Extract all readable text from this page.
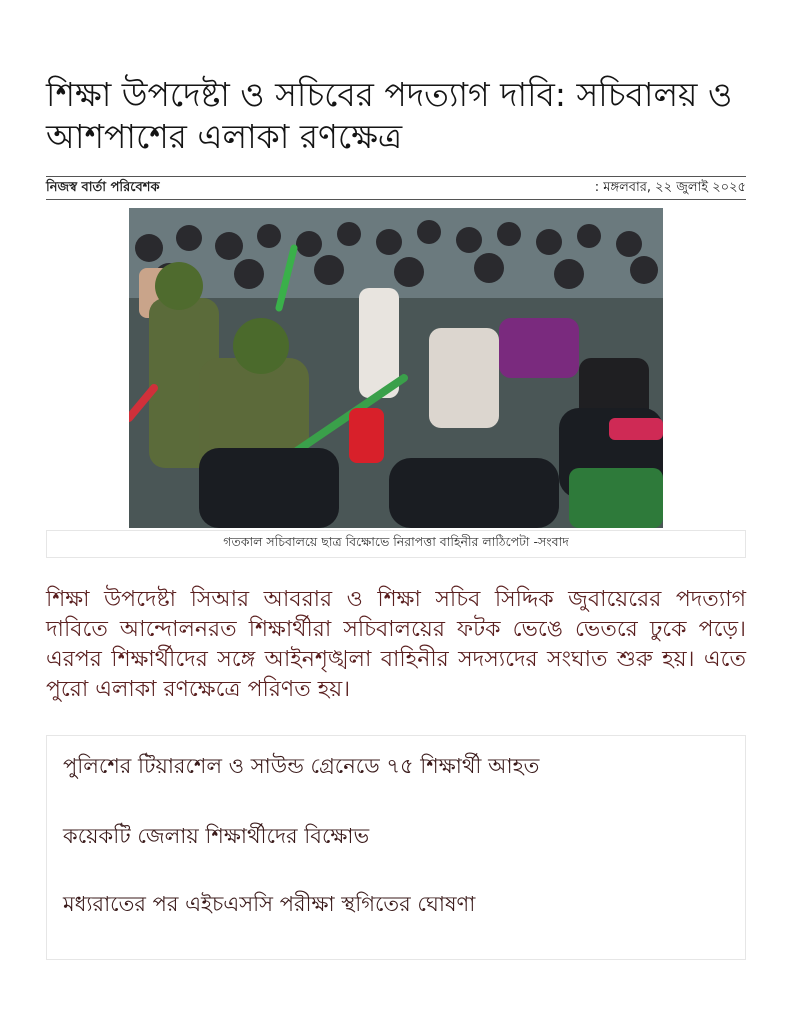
শিক্ষা উপদেষ্টা ও সচিবের পদত্যাগ দাবি: সচিবালয় ও আশপাশের এলাকা রণক্ষেত্র
নিজস্ব বার্তা পরিবেশক	: মঙ্গলবার, ২২ জুলাই ২০২৫
গতকাল সচিবালয়ে ছাত্র বিক্ষোভে নিরাপত্তা বাহিনীর লাঠিপেটা -সংবাদ

শিক্ষা উপদেষ্টা সিআর আবরার ও শিক্ষা সচিব সিদ্দিক জুবায়েরের পদত্যাগ দাবিতে আন্দোলনরত শিক্ষার্থীরা সচিবালয়ের ফটক ভেঙে ভেতরে ঢুকে পড়ে। এরপর শিক্ষার্থীদের সঙ্গে আইনশৃঙ্খলা বাহিনীর সদস্যদের সংঘাত শুরু হয়। এতে পুরো এলাকা রণক্ষেত্রে পরিণত হয়।

পুলিশের টিয়ারশেল ও সাউন্ড গ্রেনেডে ৭৫ শিক্ষার্থী আহত
কয়েকটি জেলায় শিক্ষার্থীদের বিক্ষোভ
মধ্যরাতের পর এইচএসসি পরীক্ষা স্থগিতের ঘোষণা
